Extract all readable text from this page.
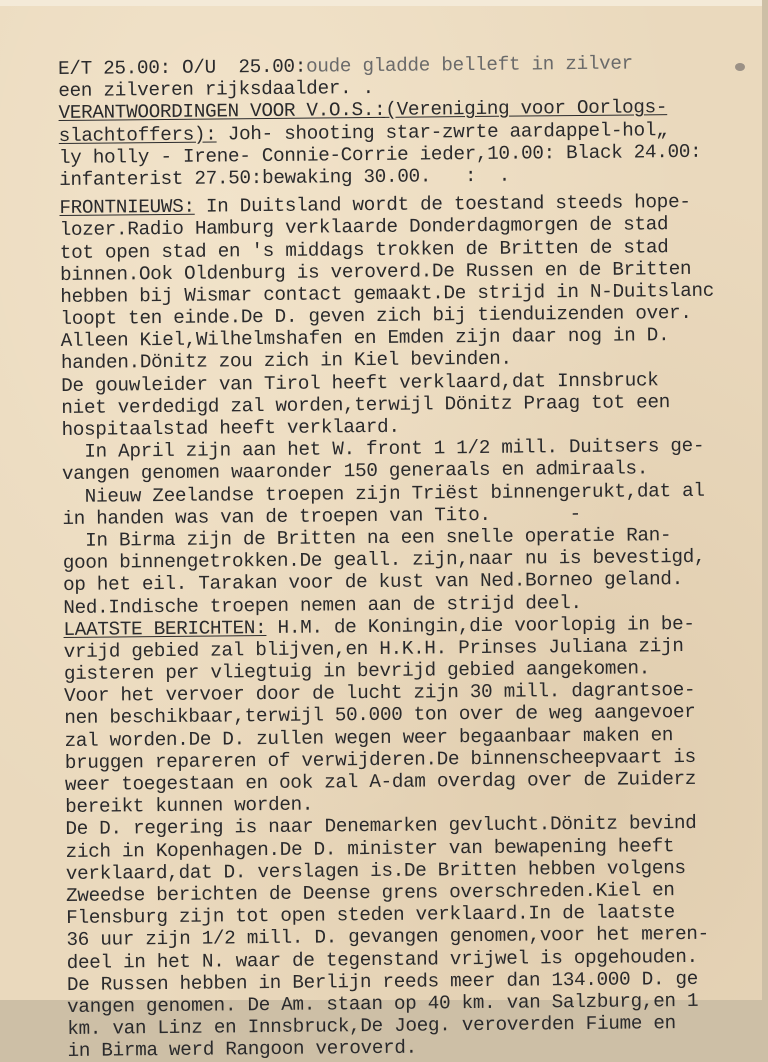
E/T 25.00: O/U  25.00:oude gladde belleft in zilver
een zilveren rijksdaalder. .
VERANTWOORDINGEN VOOR V.O.S.:(Vereniging voor Oorlogs-
slachtoffers): Joh- shooting star-zwrte aardappel-hol„
ly holly - Irene- Connie-Corrie ieder,10.00: Black 24.00:
infanterist 27.50:bewaking 30.00.   :  .
FRONTNIEUWS: In Duitsland wordt de toestand steeds hope-
lozer.Radio Hamburg verklaarde Donderdagmorgen de stad
tot open stad en 's middags trokken de Britten de stad
binnen.Ook Oldenburg is veroverd.De Russen en de Britten
hebben bij Wismar contact gemaakt.De strijd in N-Duitslanc
loopt ten einde.De D. geven zich bij tienduizenden over.
Alleen Kiel,Wilhelmshafen en Emden zijn daar nog in D.
handen.Dönitz zou zich in Kiel bevinden.
De gouwleider van Tirol heeft verklaard,dat Innsbruck
niet verdedigd zal worden,terwijl Dönitz Praag tot een
hospitaalstad heeft verklaard.
In April zijn aan het W. front 1 1/2 mill. Duitsers ge-
vangen genomen waaronder 150 generaals en admiraals.
Nieuw Zeelandse troepen zijn Triëst binnengerukt,dat al
in handen was van de troepen van Tito.       -
In Birma zijn de Britten na een snelle operatie Ran-
goon binnengetrokken.De geall. zijn,naar nu is bevestigd,
op het eil. Tarakan voor de kust van Ned.Borneo geland.
Ned.Indische troepen nemen aan de strijd deel.
LAATSTE BERICHTEN: H.M. de Koningin,die voorlopig in be-
vrijd gebied zal blijven,en H.K.H. Prinses Juliana zijn
gisteren per vliegtuig in bevrijd gebied aangekomen.
Voor het vervoer door de lucht zijn 30 mill. dagrantsoe-
nen beschikbaar,terwijl 50.000 ton over de weg aangevoer
zal worden.De D. zullen wegen weer begaanbaar maken en
bruggen repareren of verwijderen.De binnenscheepvaart is
weer toegestaan en ook zal A-dam overdag over de Zuiderz
bereikt kunnen worden.
De D. regering is naar Denemarken gevlucht.Dönitz bevind
zich in Kopenhagen.De D. minister van bewapening heeft
verklaard,dat D. verslagen is.De Britten hebben volgens
Zweedse berichten de Deense grens overschreden.Kiel en
Flensburg zijn tot open steden verklaard.In de laatste
36 uur zijn 1/2 mill. D. gevangen genomen,voor het meren-
deel in het N. waar de tegenstand vrijwel is opgehouden.
De Russen hebben in Berlijn reeds meer dan 134.000 D. ge
vangen genomen. De Am. staan op 40 km. van Salzburg,en 1
km. van Linz en Innsbruck,De Joeg. veroverden Fiume en
in Birma werd Rangoon veroverd.
